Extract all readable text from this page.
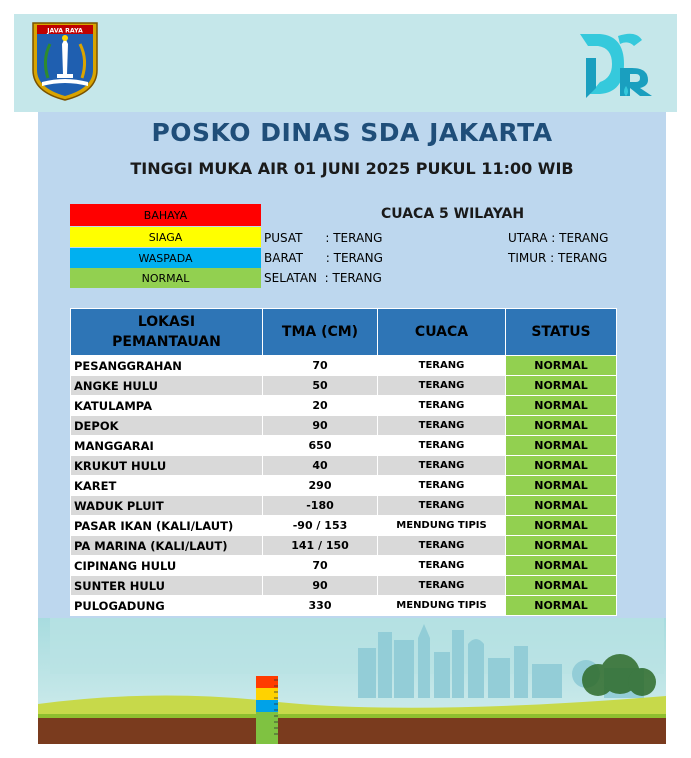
JAVA RAYA
POSKO DINAS SDA JAKARTA
TINGGI MUKA AIR 01 JUNI 2025 PUKUL 11:00 WIB
BAHAYA
SIAGA
WASPADA
NORMAL
CUACA 5 WILAYAH
PUSAT      : TERANG
BARAT      : TERANG
SELATAN  : TERANG
UTARA : TERANG
TIMUR : TERANG
LOKASI
PEMANTAUAN	TMA (CM)	CUACA	STATUS
PESANGGRAHAN	70	TERANG	NORMAL
ANGKE HULU	50	TERANG	NORMAL
KATULAMPA	20	TERANG	NORMAL
DEPOK	90	TERANG	NORMAL
MANGGARAI	650	TERANG	NORMAL
KRUKUT HULU	40	TERANG	NORMAL
KARET	290	TERANG	NORMAL
WADUK PLUIT	-180	TERANG	NORMAL
PASAR IKAN (KALI/LAUT)	-90 / 153	MENDUNG TIPIS	NORMAL
PA MARINA (KALI/LAUT)	141 / 150	TERANG	NORMAL
CIPINANG HULU	70	TERANG	NORMAL
SUNTER HULU	90	TERANG	NORMAL
PULOGADUNG	330	MENDUNG TIPIS	NORMAL
